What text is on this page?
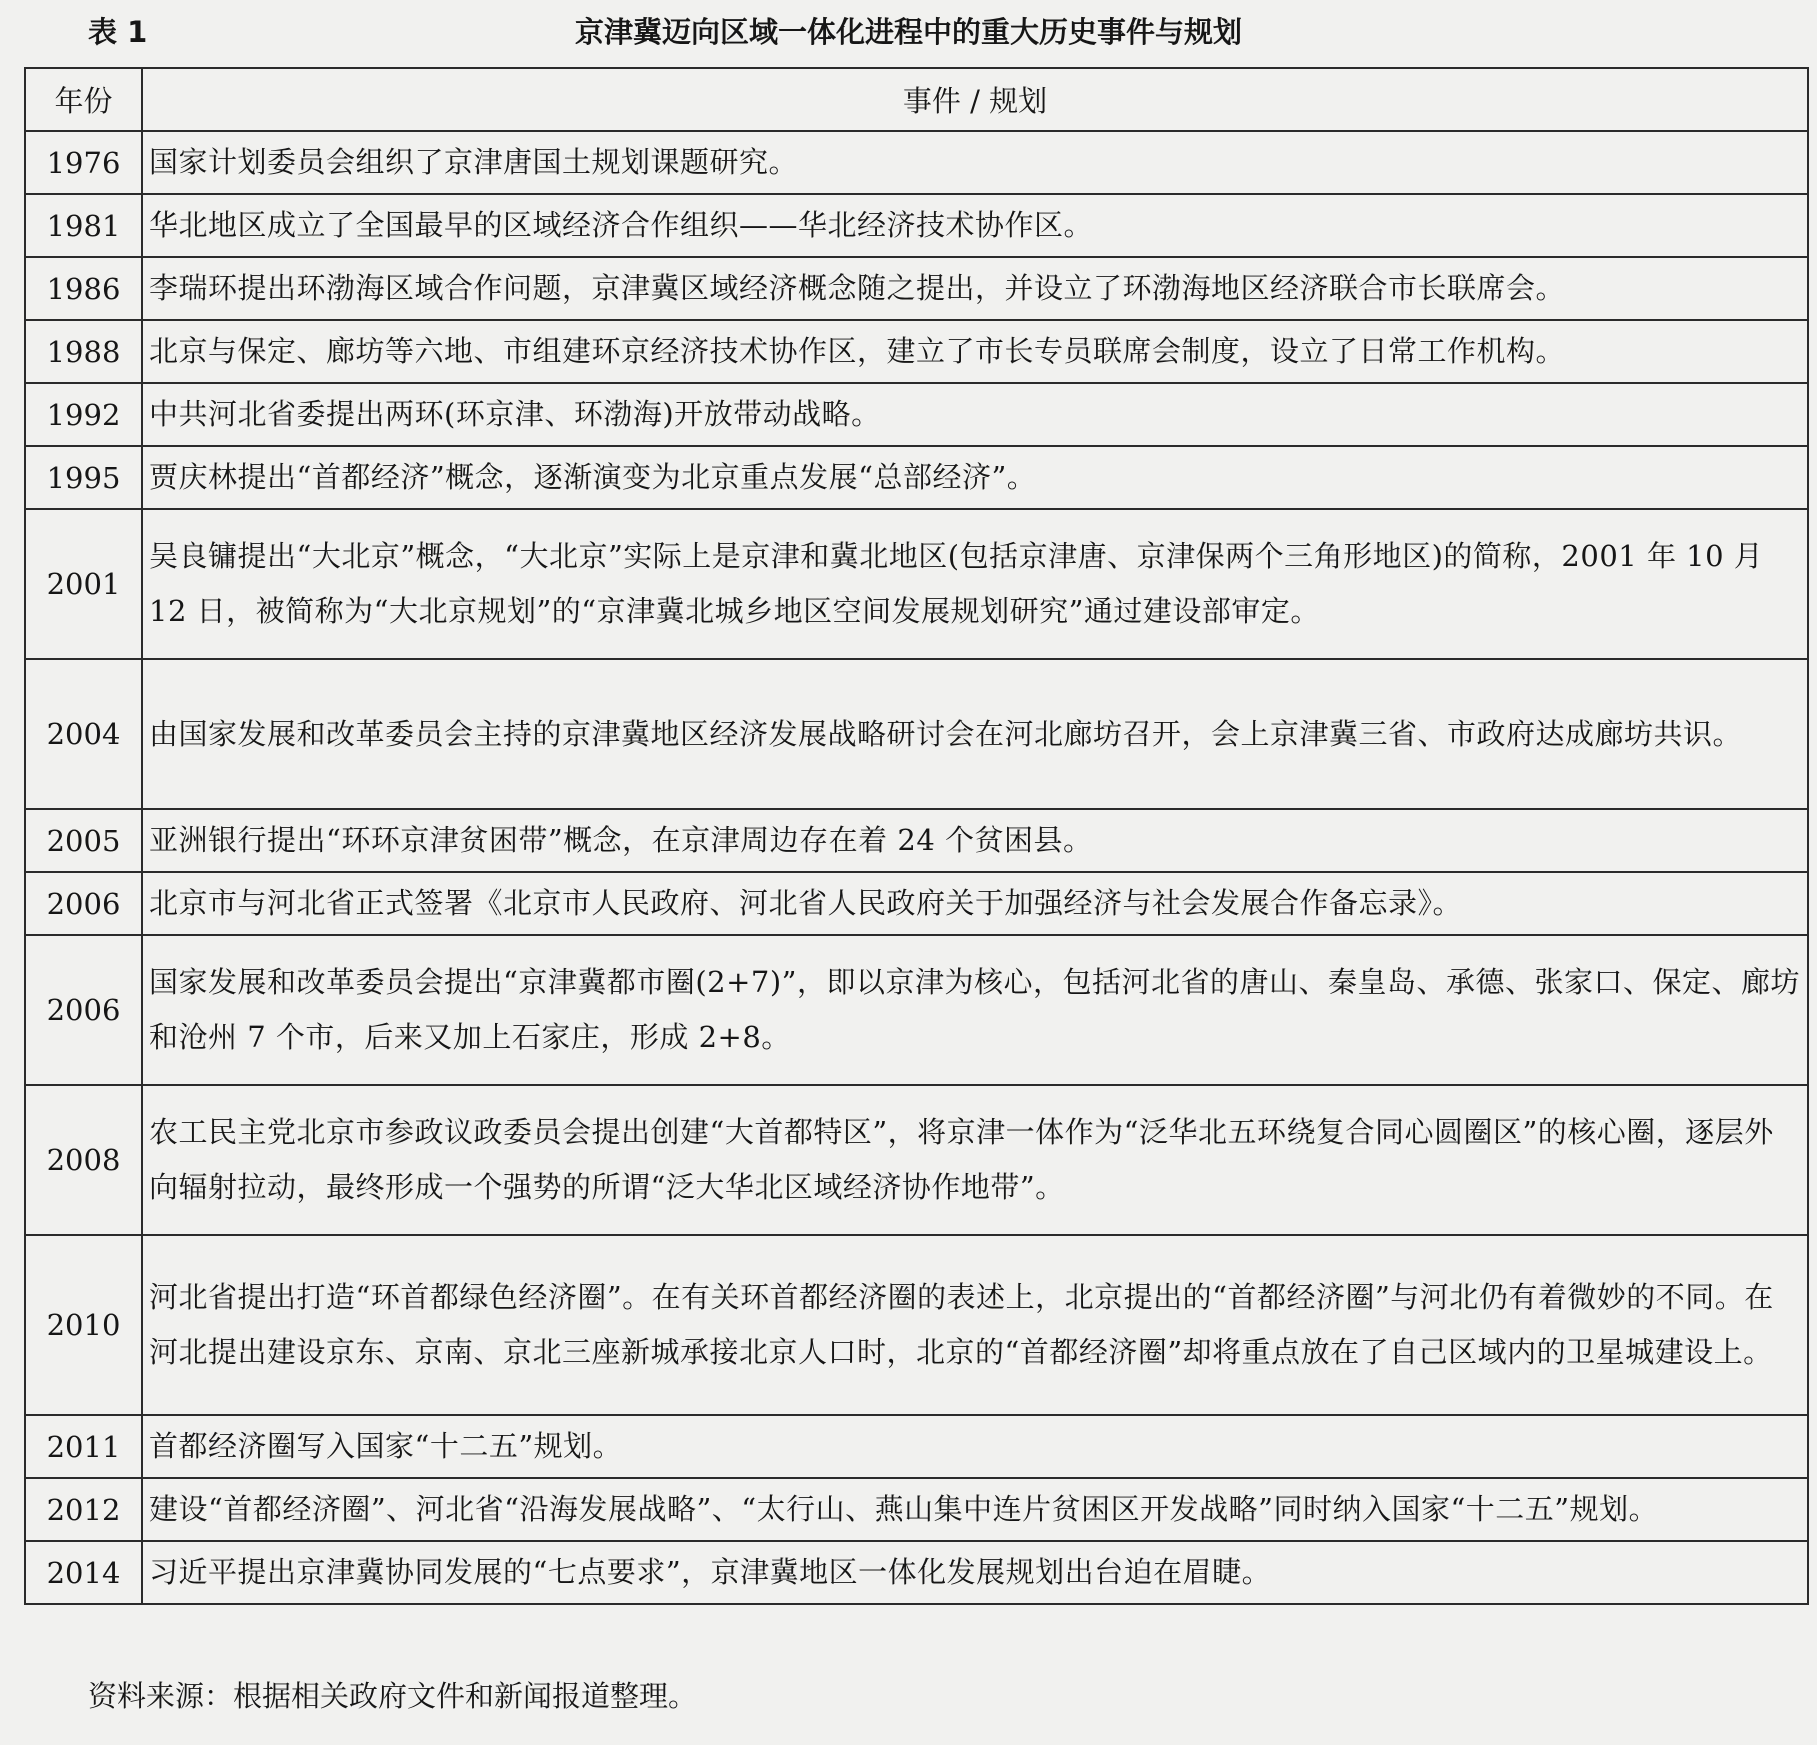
表 1	京津冀迈向区域一体化进程中的重大历史事件与规划
年份	事件 / 规划
1976	国家计划委员会组织了京津唐国土规划课题研究。
1981	华北地区成立了全国最早的区域经济合作组织——华北经济技术协作区。
1986	李瑞环提出环渤海区域合作问题，京津冀区域经济概念随之提出，并设立了环渤海地区经济联合市长联席会。
1988	北京与保定、廊坊等六地、市组建环京经济技术协作区，建立了市长专员联席会制度，设立了日常工作机构。
1992	中共河北省委提出两环(环京津、环渤海)开放带动战略。
1995	贾庆林提出“首都经济”概念，逐渐演变为北京重点发展“总部经济”。
2001	吴良镛提出“大北京”概念，“大北京”实际上是京津和冀北地区(包括京津唐、京津保两个三角形地区)的简称，2001 年 10 月 12 日，被简称为“大北京规划”的“京津冀北城乡地区空间发展规划研究”通过建设部审定。
2004	由国家发展和改革委员会主持的京津冀地区经济发展战略研讨会在河北廊坊召开，会上京津冀三省、市政府达成廊坊共识。
2005	亚洲银行提出“环环京津贫困带”概念，在京津周边存在着 24 个贫困县。
2006	北京市与河北省正式签署《北京市人民政府、河北省人民政府关于加强经济与社会发展合作备忘录》。
2006	国家发展和改革委员会提出“京津冀都市圈(2+7)”，即以京津为核心，包括河北省的唐山、秦皇岛、承德、张家口、保定、廊坊和沧州 7 个市，后来又加上石家庄，形成 2+8。
2008	农工民主党北京市参政议政委员会提出创建“大首都特区”，将京津一体作为“泛华北五环绕复合同心圆圈区”的核心圈，逐层外向辐射拉动，最终形成一个强势的所谓“泛大华北区域经济协作地带”。
2010	河北省提出打造“环首都绿色经济圈”。在有关环首都经济圈的表述上，北京提出的“首都经济圈”与河北仍有着微妙的不同。在河北提出建设京东、京南、京北三座新城承接北京人口时，北京的“首都经济圈”却将重点放在了自己区域内的卫星城建设上。
2011	首都经济圈写入国家“十二五”规划。
2012	建设“首都经济圈”、河北省“沿海发展战略”、“太行山、燕山集中连片贫困区开发战略”同时纳入国家“十二五”规划。
2014	习近平提出京津冀协同发展的“七点要求”，京津冀地区一体化发展规划出台迫在眉睫。
资料来源：根据相关政府文件和新闻报道整理。
